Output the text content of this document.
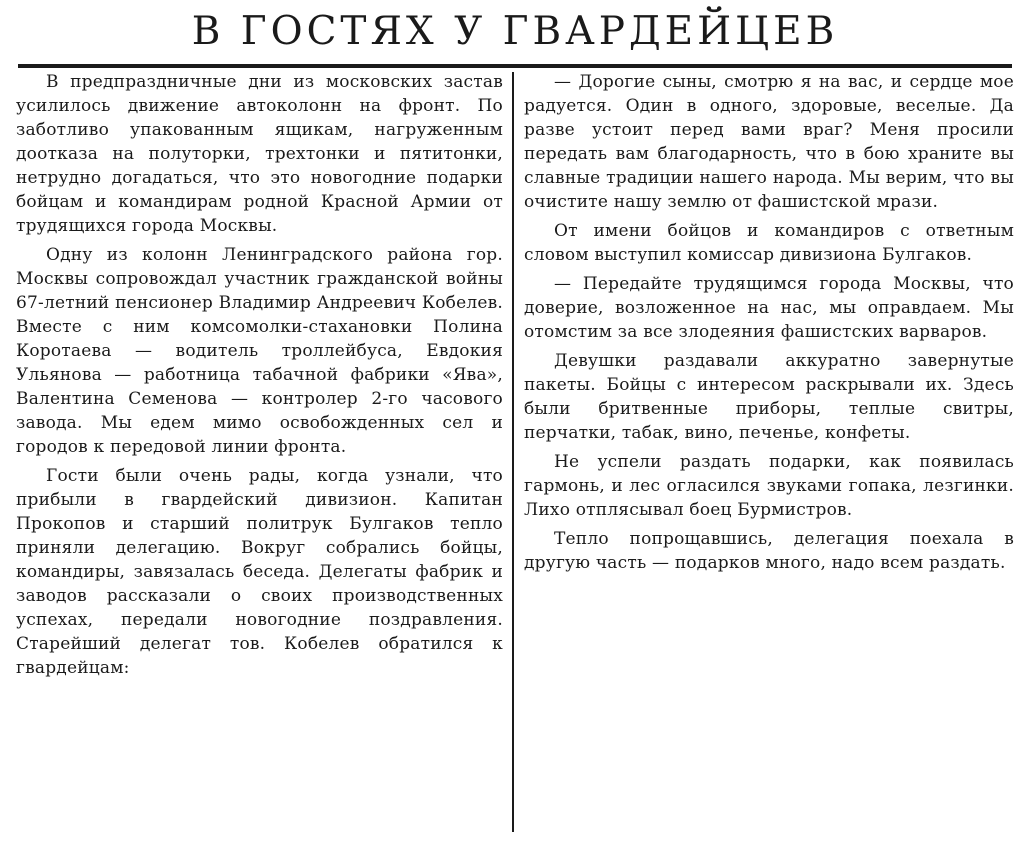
В ГОСТЯХ У ГВАРДЕЙЦЕВ

В предпраздничные дни из московских застав усилилось движение автоколонн на фронт. По заботливо упакованным ящикам, нагруженным доотказа на полуторки, трехтонки и пятитонки, нетрудно догадаться, что это новогодние подарки бойцам и командирам родной Красной Армии от трудящихся города Москвы.

Одну из колонн Ленинградского района гор. Москвы сопровождал участник гражданской войны 67-летний пенсионер Владимир Андреевич Кобелев. Вместе с ним комсомолки-стахановки Полина Коротаева — водитель троллейбуса, Евдокия Ульянова — работница табачной фабрики «Ява», Валентина Семенова — контролер 2-го часового завода. Мы едем мимо освобожденных сел и городов к передовой линии фронта.

Гости были очень рады, когда узнали, что прибыли в гвардейский дивизион. Капитан Прокопов и старший политрук Булгаков тепло приняли делегацию. Вокруг собрались бойцы, командиры, завязалась беседа. Делегаты фабрик и заводов рассказали о своих производственных успехах, передали новогодние поздравления. Старейший делегат тов. Кобелев обратился к гвардейцам:

— Дорогие сыны, смотрю я на вас, и сердце мое радуется. Один в одного, здоровые, веселые. Да разве устоит перед вами враг? Меня просили передать вам благодарность, что в бою храните вы славные традиции нашего народа. Мы верим, что вы очистите нашу землю от фашистской мрази.

От имени бойцов и командиров с ответным словом выступил комиссар дивизиона Булгаков.

— Передайте трудящимся города Москвы, что доверие, возложенное на нас, мы оправдаем. Мы отомстим за все злодеяния фашистских варваров.

Девушки раздавали аккуратно завернутые пакеты. Бойцы с интересом раскрывали их. Здесь были бритвенные приборы, теплые свитры, перчатки, табак, вино, печенье, конфеты.

Не успели раздать подарки, как появилась гармонь, и лес огласился звуками гопака, лезгинки. Лихо отплясывал боец Бурмистров.

Тепло попрощавшись, делегация поехала в другую часть — подарков много, надо всем раздать.
